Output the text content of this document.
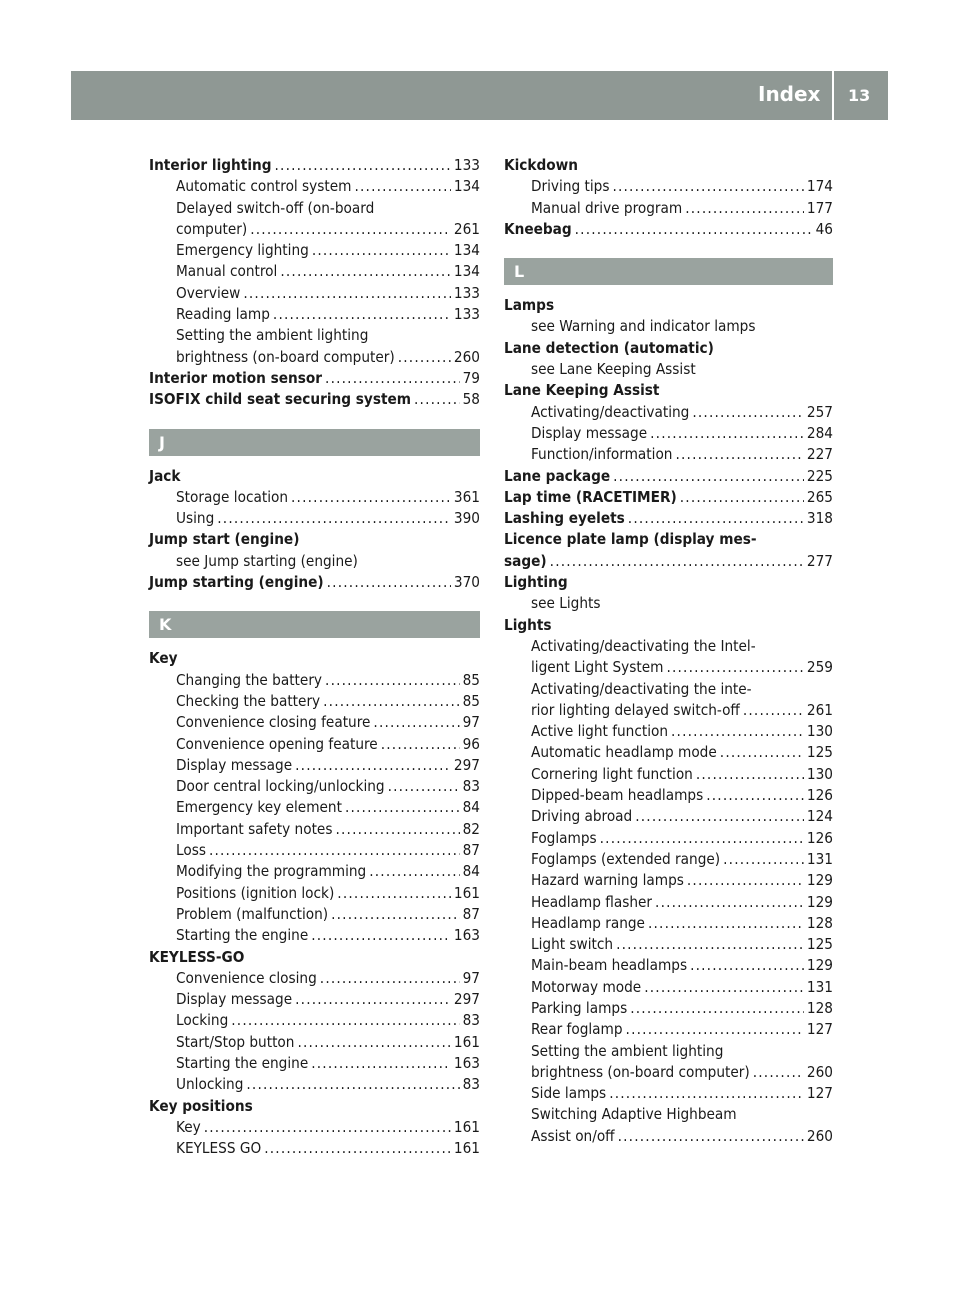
Index 13
Interior lighting .....	133
Automatic control system .....	134
Delayed switch-off (on-board
computer) .....	261
Emergency lighting .....	134
Manual control .....	134
Overview .....	133
Reading lamp .....	133
Setting the ambient lighting
brightness (on-board computer) .....	260
Interior motion sensor .....	79
ISOFIX child seat securing system .....	58
J
Jack
Storage location .....	361
Using .....	390
Jump start (engine)
see Jump starting (engine)
Jump starting (engine) .....	370
K
Key
Changing the battery .....	85
Checking the battery .....	85
Convenience closing feature .....	97
Convenience opening feature .....	96
Display message .....	297
Door central locking/unlocking .....	83
Emergency key element .....	84
Important safety notes .....	82
Loss .....	87
Modifying the programming .....	84
Positions (ignition lock) .....	161
Problem (malfunction) .....	87
Starting the engine .....	163
KEYLESS-GO
Convenience closing .....	97
Display message .....	297
Locking .....	83
Start/Stop button .....	161
Starting the engine .....	163
Unlocking .....	83
Key positions
Key .....	161
KEYLESS GO .....	161
Kickdown
Driving tips .....	174
Manual drive program .....	177
Kneebag .....	46
L
Lamps
see Warning and indicator lamps
Lane detection (automatic)
see Lane Keeping Assist
Lane Keeping Assist
Activating/deactivating .....	257
Display message .....	284
Function/information .....	227
Lane package .....	225
Lap time (RACETIMER) .....	265
Lashing eyelets .....	318
Licence plate lamp (display mes-
sage) .....	277
Lighting
see Lights
Lights
Activating/deactivating the Intel-
ligent Light System .....	259
Activating/deactivating the inte-
rior lighting delayed switch-off .....	261
Active light function .....	130
Automatic headlamp mode .....	125
Cornering light function .....	130
Dipped-beam headlamps .....	126
Driving abroad .....	124
Foglamps .....	126
Foglamps (extended range) .....	131
Hazard warning lamps .....	129
Headlamp flasher .....	129
Headlamp range .....	128
Light switch .....	125
Main-beam headlamps .....	129
Motorway mode .....	131
Parking lamps .....	128
Rear foglamp .....	127
Setting the ambient lighting
brightness (on-board computer) .....	260
Side lamps .....	127
Switching Adaptive Highbeam
Assist on/off .....	260
